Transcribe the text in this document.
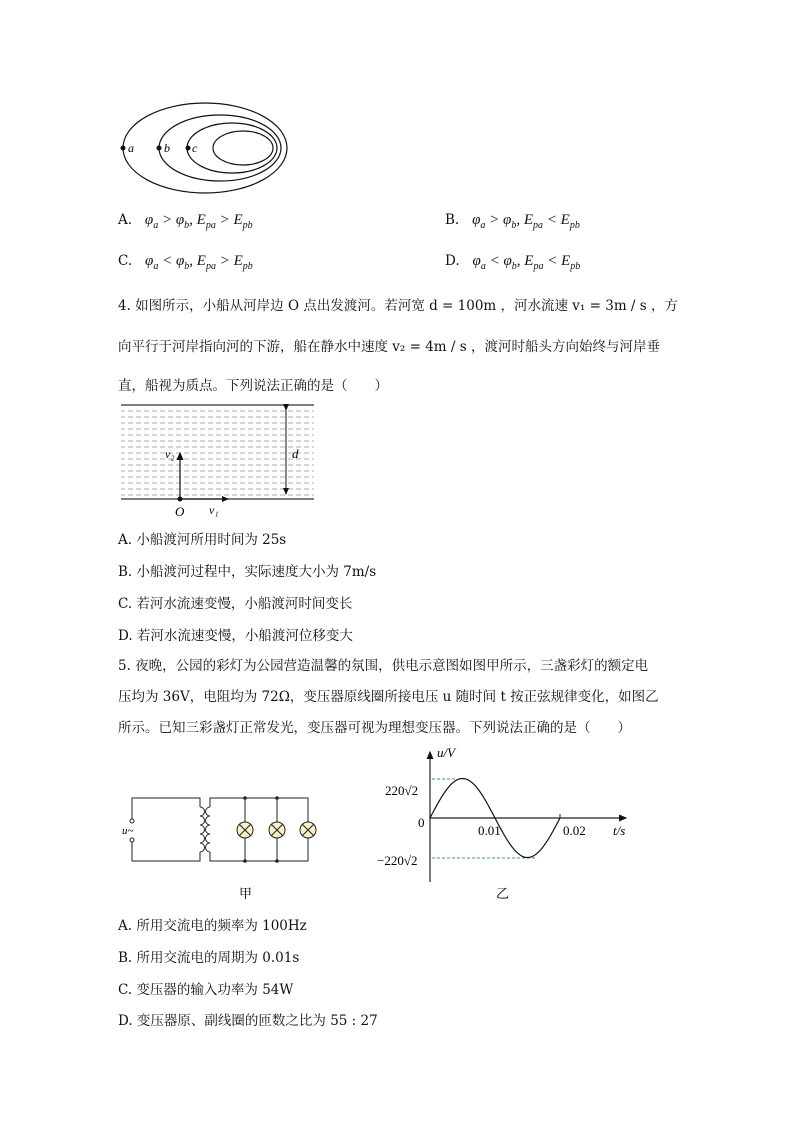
a	b c
A. $\varphi_a > \varphi_b$, $E_{pa} > E_{pb}$	B. $\varphi_a > \varphi_b$, $E_{pa} < E_{pb}$
C. $\varphi_a < \varphi_b$, $E_{pa} > E_{pb}$	D. $\varphi_a < \varphi_b$, $E_{pa} < E_{pb}$
4. 如图所示，小船从河岸边 O 点出发渡河。若河宽 d = 100m ，河水流速 v₁ = 3m / s ，方
向平行于河岸指向河的下游，船在静水中速度 v₂ = 4m / s ，渡河时船头方向始终与河岸垂
直，船视为质点。下列说法正确的是（　　）
v₂	d
O v₁
A. 小船渡河所用时间为 25s
B. 小船渡河过程中，实际速度大小为 7m/s
C. 若河水流速变慢，小船渡河时间变长
D. 若河水流速变慢，小船渡河位移变大
5. 夜晚，公园的彩灯为公园营造温馨的氛围，供电示意图如图甲所示，三盏彩灯的额定电
压均为 36V，电阻均为 72Ω，变压器原线圈所接电压 u 随时间 t 按正弦规律变化，如图乙
所示。已知三彩盏灯正常发光，变压器可视为理想变压器。下列说法正确的是（　　）
u~
甲
u/V
220√2
0
−220√2
0.01	0.02 t/s
乙
A. 所用交流电的频率为 100Hz
B. 所用交流电的周期为 0.01s
C. 变压器的输入功率为 54W
D. 变压器原、副线圈的匝数之比为 55 : 27
